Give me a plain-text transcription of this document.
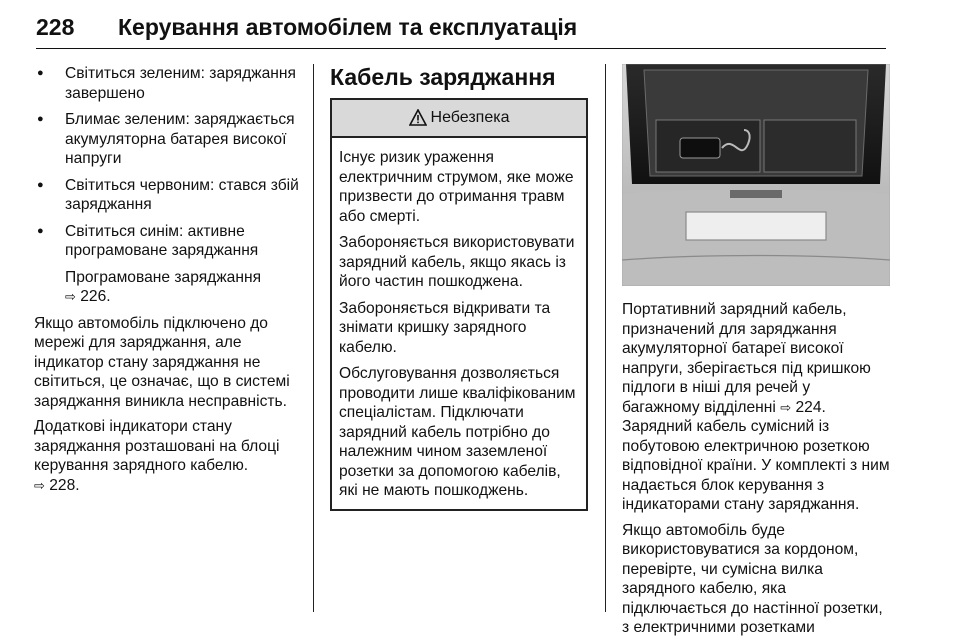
228 Керування автомобілем та експлуатація
● Світиться зеленим: заряджання завершено
● Блимає зеленим: заряджається акумуляторна батарея високої напруги
● Світиться червоним: стався збій заряджання
● Світиться синім: активне програмоване заряджання
Програмоване заряджання
⇨ 226.

Якщо автомобіль підключено до мережі для заряджання, але індикатор стану заряджання не світиться, це означає, що в системі заряджання виникла несправність.

Додаткові індикатори стану заряджання розташовані на блоці керування зарядного кабелю.
⇨ 228.

Кабель заряджання
Небезпека

Існує ризик ураження електричним струмом, яке може призвести до отримання травм або смерті.

Забороняється використовувати зарядний кабель, якщо якась із його частин пошкоджена.

Забороняється відкривати та знімати кришку зарядного кабелю.

Обслуговування дозволяється проводити лише кваліфікованим спеціалістам. Підключати зарядний кабель потрібно до належним чином заземленої розетки за допомогою кабелів, які не мають пошкоджень.

Портативний зарядний кабель, призначений для заряджання акумуляторної батареї високої напруги, зберігається під кришкою підлоги в ніші для речей у багажному відділенні ⇨ 224. Зарядний кабель сумісний із побутовою електричною розеткою відповідної країни. У комплекті з ним надається блок керування з індикаторами стану заряджання.

Якщо автомобіль буде використовуватися за кордоном, перевірте, чи сумісна вилка зарядного кабелю, яка підключається до настінної розетки, з електричними розетками
